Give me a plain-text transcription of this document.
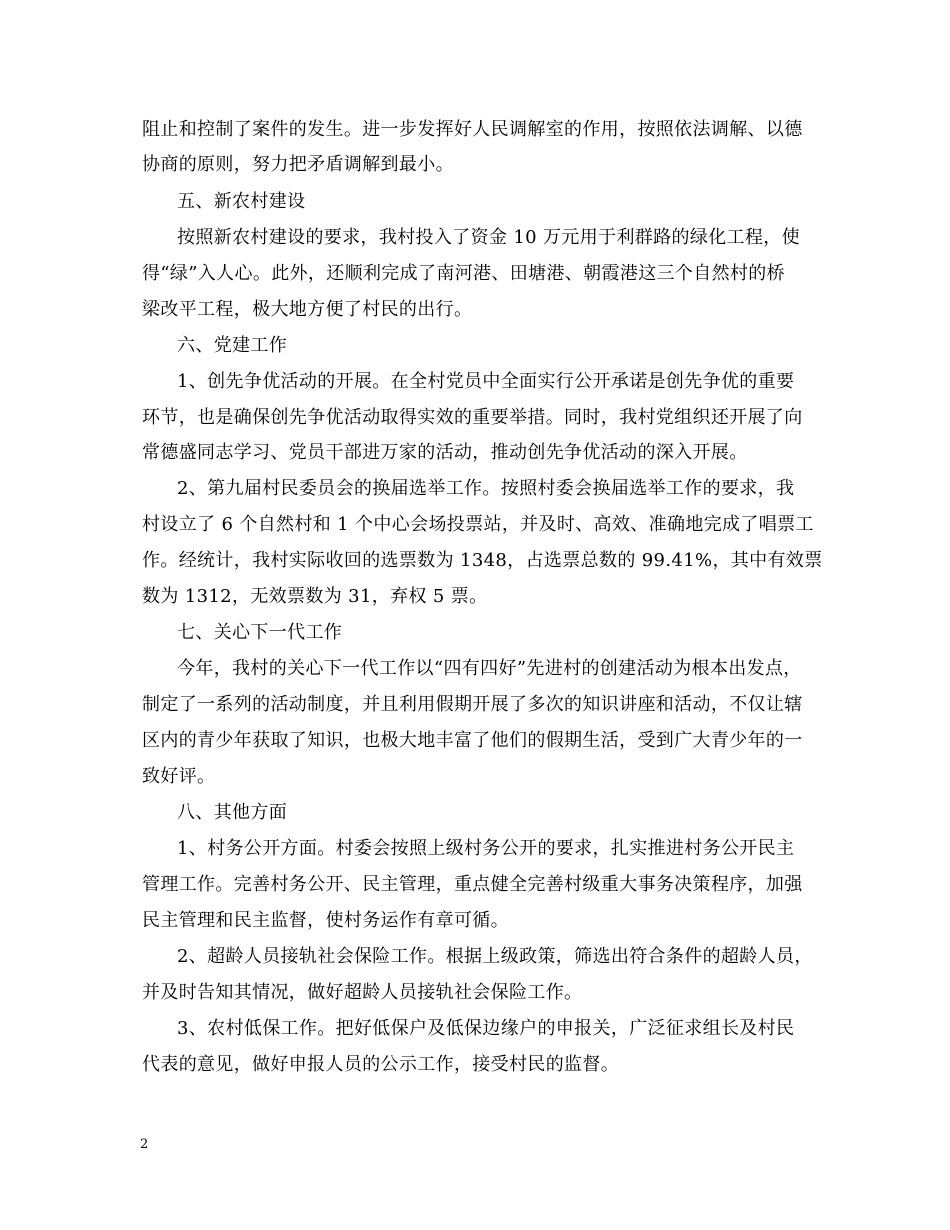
阻止和控制了案件的发生。进一步发挥好人民调解室的作用，按照依法调解、以德
协商的原则，努力把矛盾调解到最小。
五、新农村建设
按照新农村建设的要求，我村投入了资金 10 万元用于利群路的绿化工程，使
得“绿”入人心。此外，还顺利完成了南河港、田塘港、朝霞港这三个自然村的桥
梁改平工程，极大地方便了村民的出行。
六、党建工作
1、创先争优活动的开展。在全村党员中全面实行公开承诺是创先争优的重要
环节，也是确保创先争优活动取得实效的重要举措。同时，我村党组织还开展了向
常德盛同志学习、党员干部进万家的活动，推动创先争优活动的深入开展。
2、第九届村民委员会的换届选举工作。按照村委会换届选举工作的要求，我
村设立了 6 个自然村和 1 个中心会场投票站，并及时、高效、准确地完成了唱票工
作。经统计，我村实际收回的选票数为 1348，占选票总数的 99.41%，其中有效票
数为 1312，无效票数为 31，弃权 5 票。
七、关心下一代工作
今年，我村的关心下一代工作以“四有四好”先进村的创建活动为根本出发点，
制定了一系列的活动制度，并且利用假期开展了多次的知识讲座和活动，不仅让辖
区内的青少年获取了知识，也极大地丰富了他们的假期生活，受到广大青少年的一
致好评。
八、其他方面
1、村务公开方面。村委会按照上级村务公开的要求，扎实推进村务公开民主
管理工作。完善村务公开、民主管理，重点健全完善村级重大事务决策程序，加强
民主管理和民主监督，使村务运作有章可循。
2、超龄人员接轨社会保险工作。根据上级政策，筛选出符合条件的超龄人员，
并及时告知其情况，做好超龄人员接轨社会保险工作。
3、农村低保工作。把好低保户及低保边缘户的申报关，广泛征求组长及村民
代表的意见，做好申报人员的公示工作，接受村民的监督。
2
